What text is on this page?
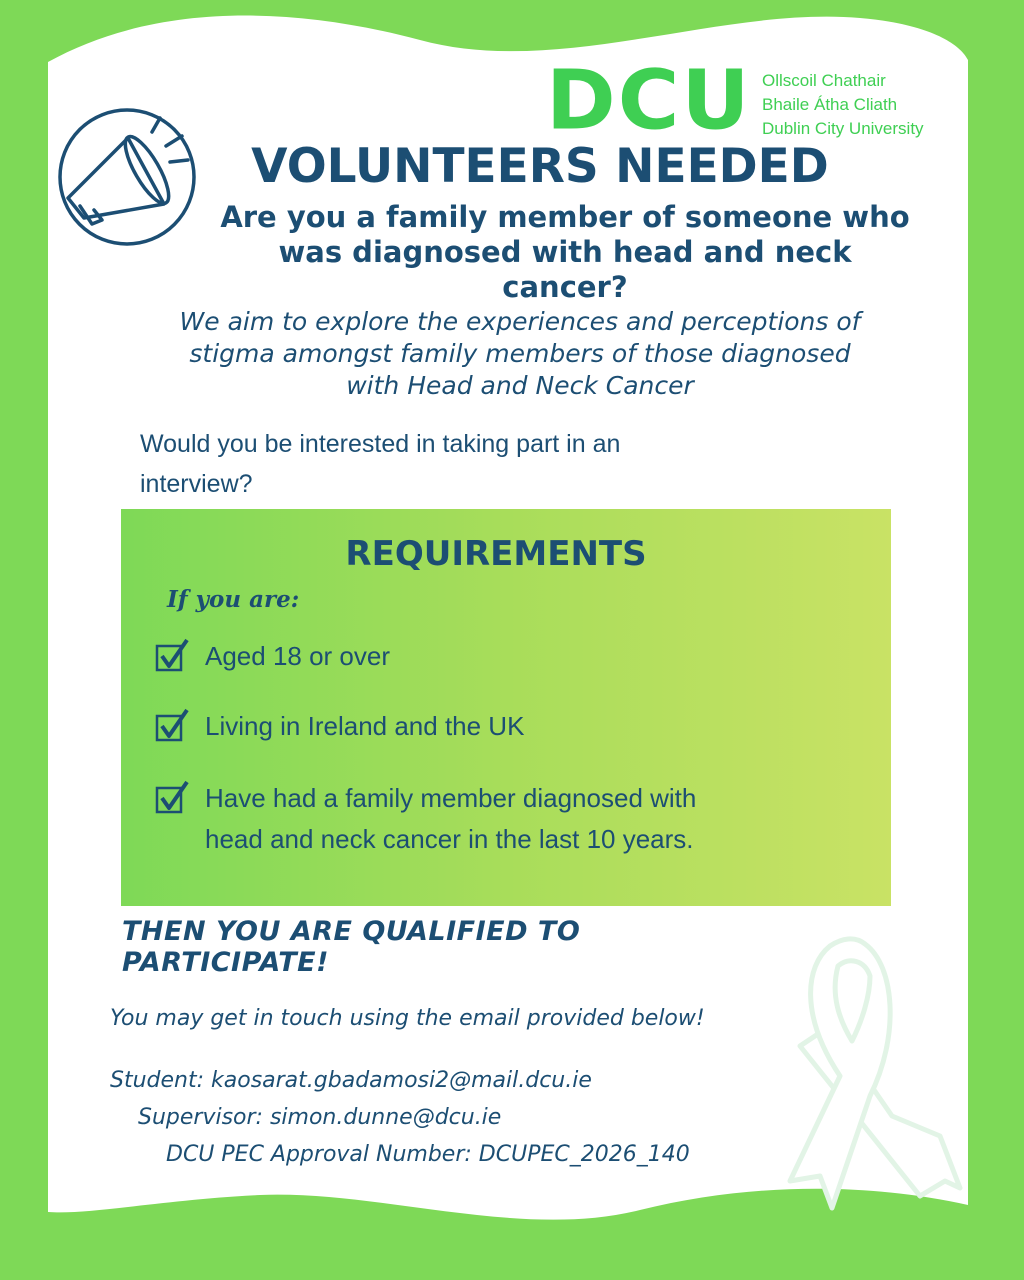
DCU Ollscoil Chathair
Bhaile Átha Cliath
Dublin City University
VOLUNTEERS NEEDED
Are you a family member of someone who
was diagnosed with head and neck
cancer?
We aim to explore the experiences and perceptions of
stigma amongst family members of those diagnosed
with Head and Neck Cancer
Would you be interested in taking part in an
interview?
REQUIREMENTS
If you are:
Aged 18 or over
Living in Ireland and the UK
Have had a family member diagnosed with
head and neck cancer in the last 10 years.
THEN YOU ARE QUALIFIED TO
PARTICIPATE!
You may get in touch using the email provided below!
Student: kaosarat.gbadamosi2@mail.dcu.ie
Supervisor: simon.dunne@dcu.ie
DCU PEC Approval Number: DCUPEC_2026_140
